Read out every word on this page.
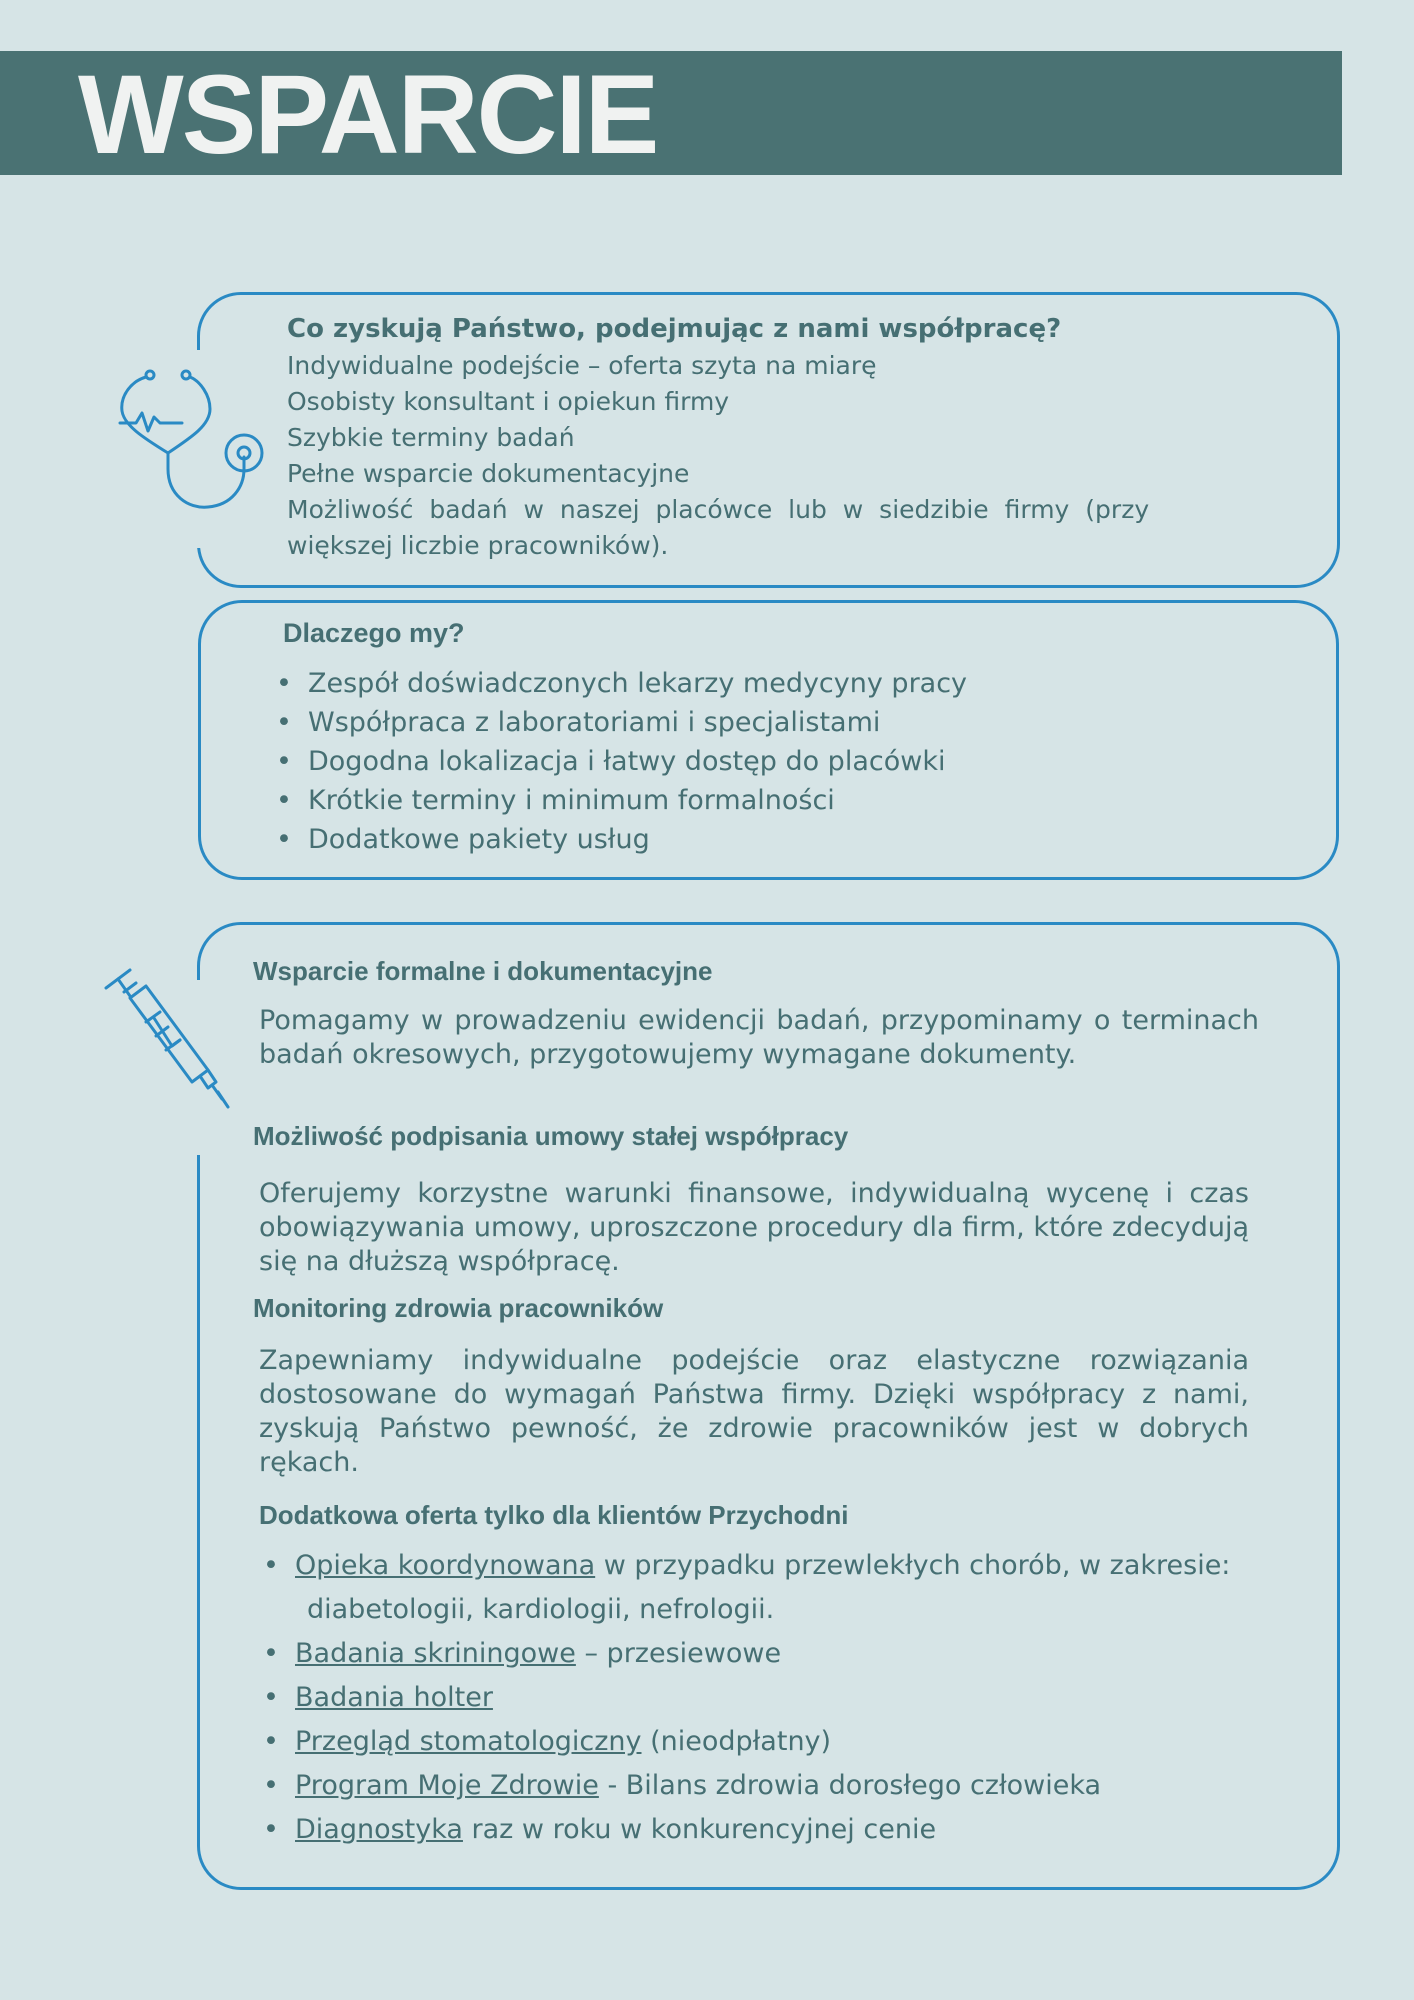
WSPARCIE
Co zyskują Państwo, podejmując z nami współpracę?
Indywidualne podejście – oferta szyta na miarę
Osobisty konsultant i opiekun firmy
Szybkie terminy badań
Pełne wsparcie dokumentacyjne
Możliwość badań w naszej placówce lub w siedzibie firmy (przy
większej liczbie pracowników).
Dlaczego my?
• Zespół doświadczonych lekarzy medycyny pracy
• Współpraca z laboratoriami i specjalistami
• Dogodna lokalizacja i łatwy dostęp do placówki
• Krótkie terminy i minimum formalności
• Dodatkowe pakiety usług
Wsparcie formalne i dokumentacyjne
Pomagamy w prowadzeniu ewidencji badań, przypominamy o terminach badań okresowych, przygotowujemy wymagane dokumenty.
Możliwość podpisania umowy stałej współpracy
Oferujemy korzystne warunki finansowe, indywidualną wycenę i czas obowiązywania umowy, uproszczone procedury dla firm, które zdecydują się na dłuższą współpracę.
Monitoring zdrowia pracowników
Zapewniamy indywidualne podejście oraz elastyczne rozwiązania dostosowane do wymagań Państwa firmy. Dzięki współpracy z nami, zyskują Państwo pewność, że zdrowie pracowników jest w dobrych rękach.
Dodatkowa oferta tylko dla klientów Przychodni
• Opieka koordynowana w przypadku przewlekłych chorób, w zakresie:
diabetologii, kardiologii, nefrologii.
• Badania skriningowe – przesiewowe
• Badania holter
• Przegląd stomatologiczny (nieodpłatny)
• Program Moje Zdrowie - Bilans zdrowia dorosłego człowieka
• Diagnostyka raz w roku w konkurencyjnej cenie
